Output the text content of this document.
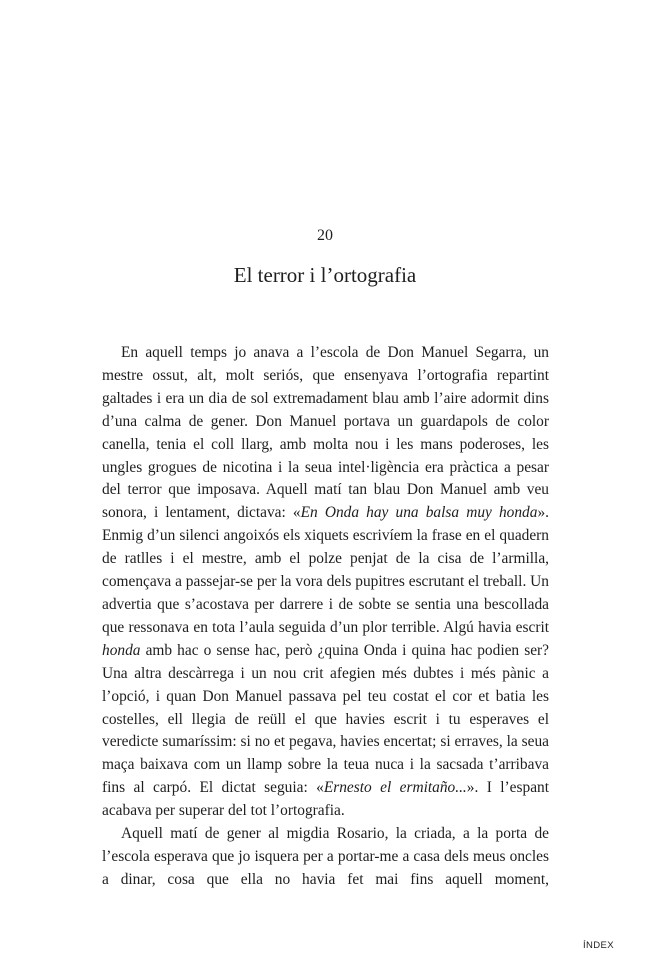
20
El terror i l’ortografia

En aquell temps jo anava a l’escola de Don Manuel Segarra, un mestre ossut, alt, molt seriós, que ensenyava l’ortografia repartint galtades i era un dia de sol extremadament blau amb l’aire adormit dins d’una calma de gener. Don Manuel portava un guardapols de color canella, tenia el coll llarg, amb molta nou i les mans poderoses, les ungles grogues de nicotina i la seua intel·ligència era pràctica a pesar del terror que imposava. Aquell matí tan blau Don Manuel amb veu sonora, i lentament, dictava: «En Onda hay una balsa muy honda». Enmig d’un silenci angoixós els xiquets escrivíem la frase en el quadern de ratlles i el mestre, amb el polze penjat de la cisa de l’armilla, començava a passejar-se per la vora dels pupitres escrutant el treball. Un advertia que s’acostava per darrere i de sobte se sentia una bescollada que ressonava en tota l’aula seguida d’un plor terrible. Algú havia escrit honda amb hac o sense hac, però ¿quina Onda i quina hac podien ser? Una altra descàrrega i un nou crit afegien més dubtes i més pànic a l’opció, i quan Don Manuel passava pel teu costat el cor et batia les costelles, ell llegia de reüll el que havies escrit i tu esperaves el veredicte sumaríssim: si no et pegava, havies encertat; si erraves, la seua maça baixava com un llamp sobre la teua nuca i la sacsada t’arribava fins al carpó. El dictat seguia: «Ernesto el ermitaño...». I l’espant acabava per superar del tot l’ortografia.

Aquell matí de gener al migdia Rosario, la criada, a la porta de l’escola esperava que jo isquera per a portar-me a casa dels meus oncles a dinar, cosa que ella no havia fet mai fins aquell moment,

ÍNDEX
